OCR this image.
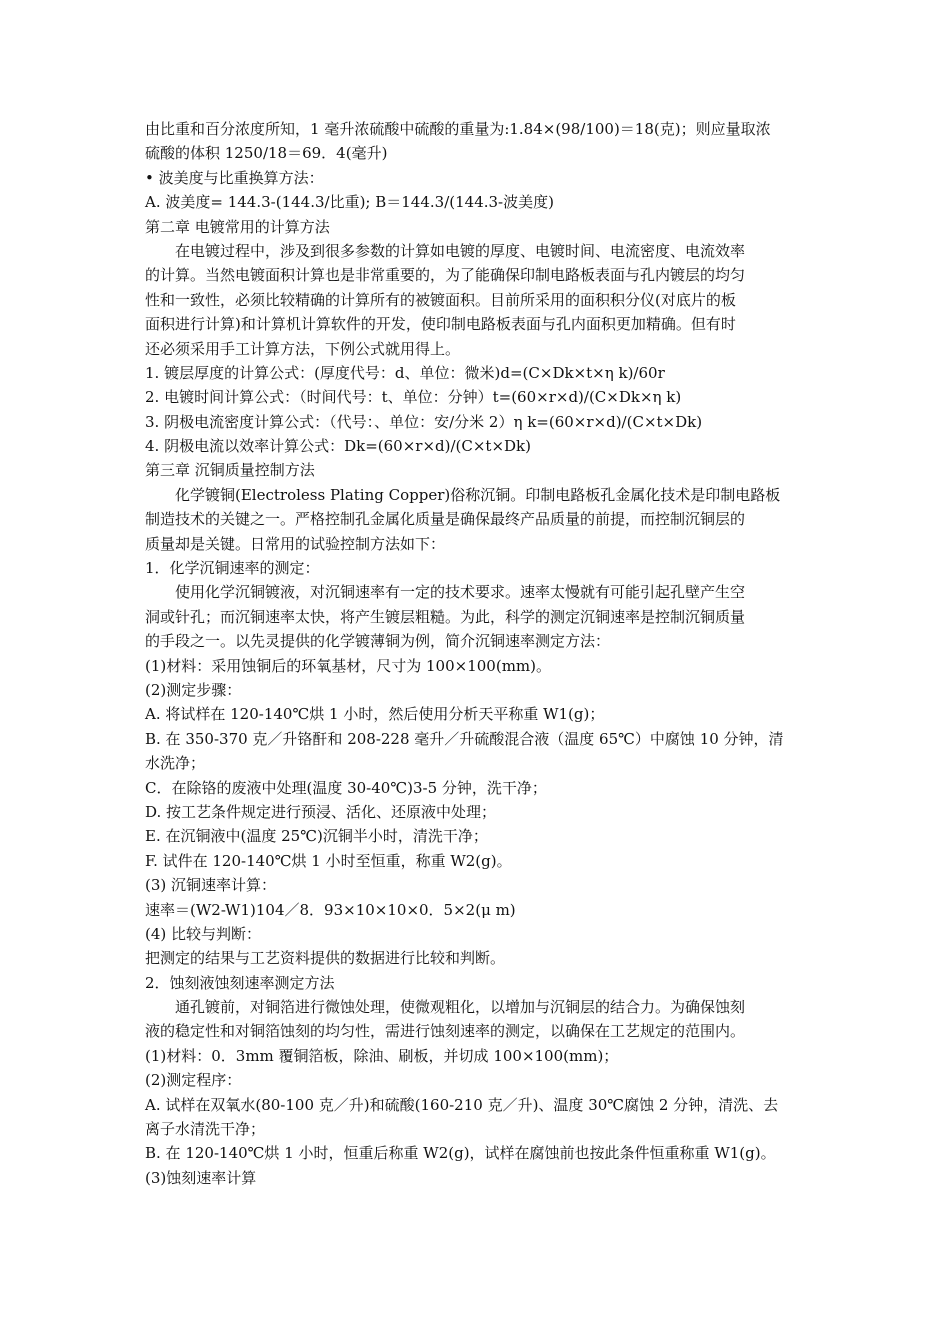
由比重和百分浓度所知，1 毫升浓硫酸中硫酸的重量为:1.84×(98/100)＝18(克)；则应量取浓
硫酸的体积 1250/18＝69．4(毫升)
• 波美度与比重换算方法：
A. 波美度= 144.3-(144.3/比重); B＝144.3/(144.3-波美度)
第二章 电镀常用的计算方法
在电镀过程中，涉及到很多参数的计算如电镀的厚度、电镀时间、电流密度、电流效率
的计算。当然电镀面积计算也是非常重要的，为了能确保印制电路板表面与孔内镀层的均匀
性和一致性，必须比较精确的计算所有的被镀面积。目前所采用的面积积分仪(对底片的板
面积进行计算)和计算机计算软件的开发，使印制电路板表面与孔内面积更加精确。但有时
还必须采用手工计算方法，下例公式就用得上。
1. 镀层厚度的计算公式：(厚度代号：d、单位：微米)d=(C×Dk×t×η k)/60r
2. 电镀时间计算公式：（时间代号：t、单位：分钟）t=(60×r×d)/(C×Dk×η k)
3. 阴极电流密度计算公式：（代号：、单位：安/分米 2）η k=(60×r×d)/(C×t×Dk)
4. 阴极电流以效率计算公式：Dk=(60×r×d)/(C×t×Dk)
第三章 沉铜质量控制方法
化学镀铜(Electroless Plating Copper)俗称沉铜。印制电路板孔金属化技术是印制电路板
制造技术的关键之一。严格控制孔金属化质量是确保最终产品质量的前提，而控制沉铜层的
质量却是关键。日常用的试验控制方法如下：
1．化学沉铜速率的测定：
使用化学沉铜镀液，对沉铜速率有一定的技术要求。速率太慢就有可能引起孔壁产生空
洞或针孔；而沉铜速率太快，将产生镀层粗糙。为此，科学的测定沉铜速率是控制沉铜质量
的手段之一。以先灵提供的化学镀薄铜为例，简介沉铜速率测定方法：
(1)材料：采用蚀铜后的环氧基材，尺寸为 100×100(mm)。
(2)测定步骤：
A. 将试样在 120-140℃烘 1 小时，然后使用分析天平称重 W1(g)；
B. 在 350-370 克／升铬酐和 208-228 毫升／升硫酸混合液（温度 65℃）中腐蚀 10 分钟，清
水洗净；
C．在除铬的废液中处理(温度 30-40℃)3-5 分钟，洗干净；
D. 按工艺条件规定进行预浸、活化、还原液中处理；
E. 在沉铜液中(温度 25℃)沉铜半小时，清洗干净；
F. 试件在 120-140℃烘 1 小时至恒重，称重 W2(g)。
(3) 沉铜速率计算：
速率＝(W2-W1)104／8．93×10×10×0．5×2(μ m)
(4) 比较与判断：
把测定的结果与工艺资料提供的数据进行比较和判断。
2．蚀刻液蚀刻速率测定方法
通孔镀前，对铜箔进行微蚀处理，使微观粗化，以增加与沉铜层的结合力。为确保蚀刻
液的稳定性和对铜箔蚀刻的均匀性，需进行蚀刻速率的测定，以确保在工艺规定的范围内。
(1)材料：0．3mm 覆铜箔板，除油、刷板，并切成 100×100(mm)；
(2)测定程序：
A. 试样在双氧水(80-100 克／升)和硫酸(160-210 克／升)、温度 30℃腐蚀 2 分钟，清洗、去
离子水清洗干净；
B. 在 120-140℃烘 1 小时，恒重后称重 W2(g)，试样在腐蚀前也按此条件恒重称重 W1(g)。
(3)蚀刻速率计算
